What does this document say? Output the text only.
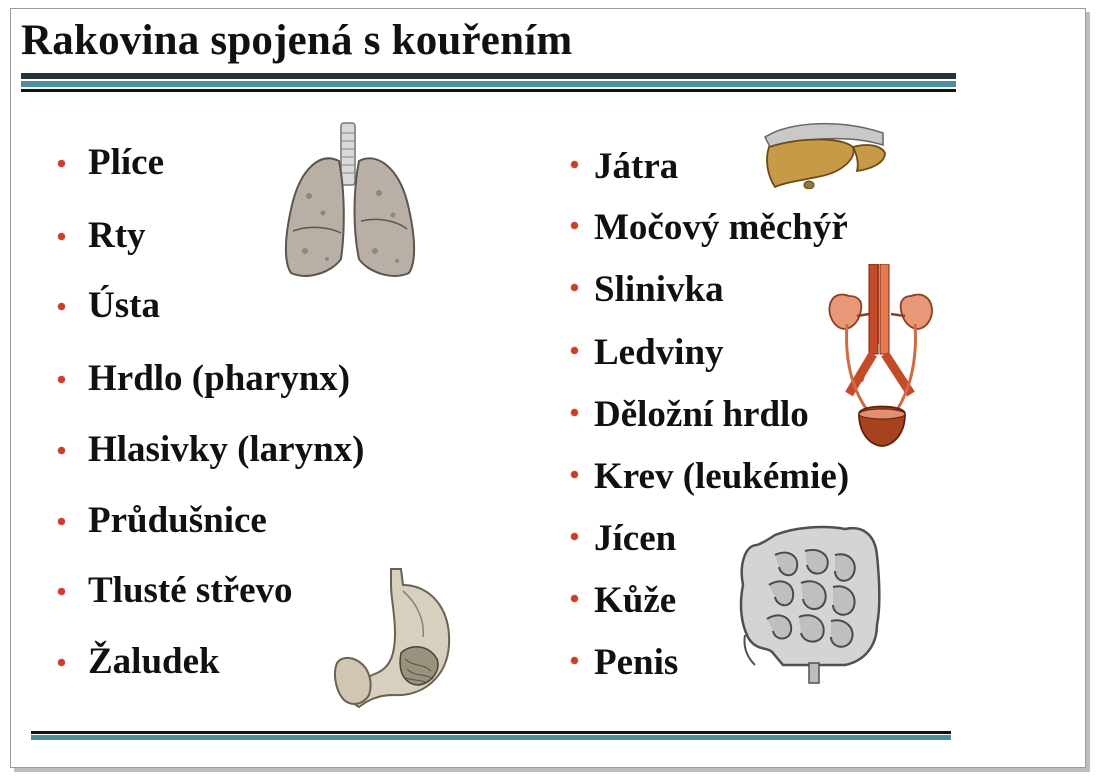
Rakovina spojená s kouřením
Plíce
Rty
Ústa
Hrdlo (pharynx)
Hlasivky (larynx)
Průdušnice
Tlusté střevo
Žaludek
Játra
Močový měchýř
Slinivka
Ledviny
Děložní hrdlo
Krev (leukémie)
Jícen
Kůže
Penis
